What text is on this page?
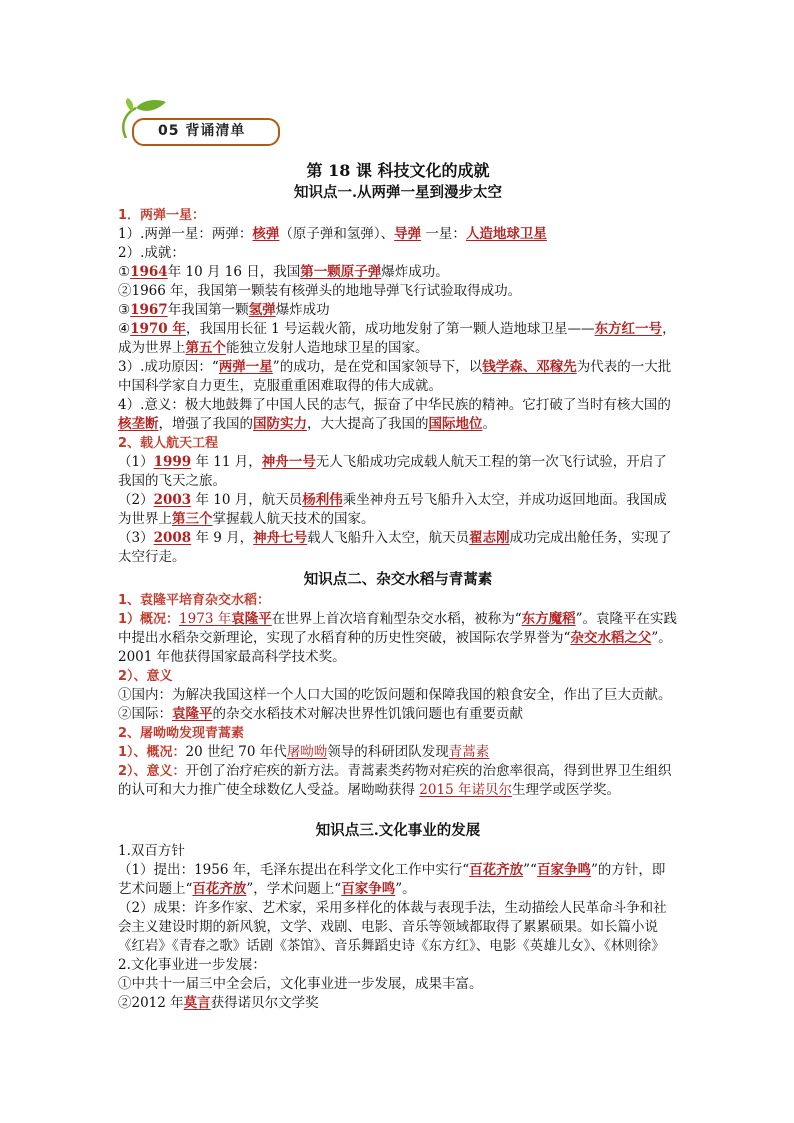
05 背诵清单

第 18 课 科技文化的成就

知识点一.从两弹一星到漫步太空

1．两弹一星：

1）.两弹一星：两弹：核弹（原子弹和氢弹）、导弹 一星：人造地球卫星

2）.成就：

①1964年 10 月 16 日，我国第一颗原子弹爆炸成功。

②1966 年，我国第一颗装有核弹头的地地导弹飞行试验取得成功。

③1967年我国第一颗氢弹爆炸成功

④1970 年，我国用长征 1 号运载火箭，成功地发射了第一颗人造地球卫星——东方红一号，成为世界上第五个能独立发射人造地球卫星的国家。

3）.成功原因：“两弹一星”的成功，是在党和国家领导下，以钱学森、邓稼先为代表的一大批中国科学家自力更生，克服重重困难取得的伟大成就。

4）.意义：极大地鼓舞了中国人民的志气，振奋了中华民族的精神。它打破了当时有核大国的核垄断，增强了我国的国防实力，大大提高了我国的国际地位。

2、载人航天工程

（1）1999 年 11 月，神舟一号无人飞船成功完成载人航天工程的第一次飞行试验，开启了我国的飞天之旅。

（2）2003 年 10 月，航天员杨利伟乘坐神舟五号飞船升入太空，并成功返回地面。我国成为世界上第三个掌握载人航天技术的国家。

（3）2008 年 9 月，神舟七号载人飞船升入太空，航天员翟志刚成功完成出舱任务，实现了太空行走。

知识点二、杂交水稻与青蒿素

1、袁隆平培育杂交水稻：

1）概况：1973 年袁隆平在世界上首次培育籼型杂交水稻，被称为“东方魔稻”。袁隆平在实践中提出水稻杂交新理论，实现了水稻育种的历史性突破，被国际农学界誉为“杂交水稻之父”。2001 年他获得国家最高科学技术奖。

2）、意义

①国内：为解决我国这样一个人口大国的吃饭问题和保障我国的粮食安全，作出了巨大贡献。

②国际：袁隆平的杂交水稻技术对解决世界性饥饿问题也有重要贡献

2、屠呦呦发现青蒿素

1）、概况：20 世纪 70 年代屠呦呦领导的科研团队发现青蒿素

2）、意义：开创了治疗疟疾的新方法。青蒿素类药物对疟疾的治愈率很高，得到世界卫生组织的认可和大力推广使全球数亿人受益。屠呦呦获得 2015 年诺贝尔生理学或医学奖。

知识点三.文化事业的发展

1.双百方针

（1）提出：1956 年，毛泽东提出在科学文化工作中实行“百花齐放”“百家争鸣”的方针，即艺术问题上“百花齐放”，学术问题上“百家争鸣”。

（2）成果：许多作家、艺术家，采用多样化的体裁与表现手法，生动描绘人民革命斗争和社会主义建设时期的新风貌，文学、戏剧、电影、音乐等领域都取得了累累硕果。如长篇小说《红岩》《青春之歌》话剧《茶馆》、音乐舞蹈史诗《东方红》、电影《英雄儿女》、《林则徐》

2.文化事业进一步发展：

①中共十一届三中全会后，文化事业进一步发展，成果丰富。

②2012 年莫言获得诺贝尔文学奖
